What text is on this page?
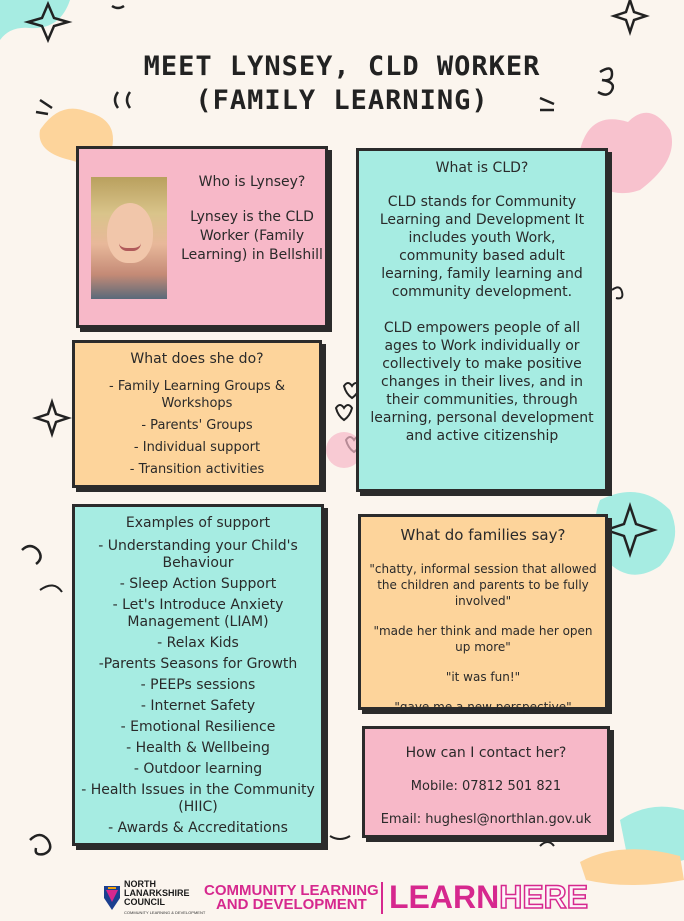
MEET LYNSEY, CLD WORKER
(FAMILY LEARNING)
Who is Lynsey?
Lynsey is the CLD Worker (Family Learning) in Bellshill
What does she do?
- Family Learning Groups & Workshops
- Parents' Groups
- Individual support
- Transition activities
What is CLD?

CLD stands for Community Learning and Development It includes youth Work, community based adult learning, family learning and community development.

CLD empowers people of all ages to Work individually or collectively to make positive changes in their lives, and in their communities, through learning, personal development and active citizenship

Examples of support
- Understanding your Child's Behaviour
- Sleep Action Support
- Let's Introduce Anxiety Management (LIAM)
- Relax Kids
-Parents Seasons for Growth
- PEEPs sessions
- Internet Safety
- Emotional Resilience
- Health & Wellbeing
- Outdoor learning
- Health Issues in the Community (HIIC)
- Awards & Accreditations
What do families say?

"chatty, informal session that allowed the children and parents to be fully involved"

"made her think and made her open up more"

"it was fun!"

"gave me a new perspective"

How can I contact her?

Mobile: 07812 501 821

Email: hughesl@northlan.gov.uk

NORTH
LANARKSHIRE
COUNCIL
COMMUNITY LEARNING & DEVELOPMENT
COMMUNITY LEARNING
AND DEVELOPMENT LEARNHERE
